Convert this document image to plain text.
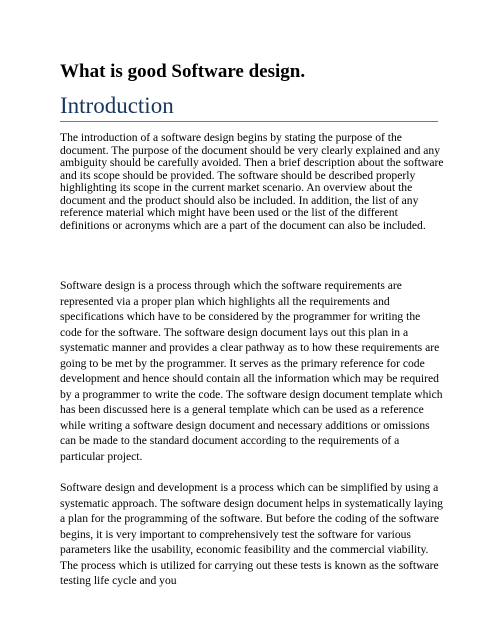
What is good Software design.
Introduction

The introduction of a software design begins by stating the purpose of the document. The purpose of the document should be very clearly explained and any ambiguity should be carefully avoided. Then a brief description about the software and its scope should be provided. The software should be described properly highlighting its scope in the current market scenario. An overview about the document and the product should also be included. In addition, the list of any reference material which might have been used or the list of the different definitions or acronyms which are a part of the document can also be included.

Software design is a process through which the software requirements are represented via a proper plan which highlights all the requirements and specifications which have to be considered by the programmer for writing the code for the software. The software design document lays out this plan in a systematic manner and provides a clear pathway as to how these requirements are going to be met by the programmer. It serves as the primary reference for code development and hence should contain all the information which may be required by a programmer to write the code. The software design document template which has been discussed here is a general template which can be used as a reference while writing a software design document and necessary additions or omissions can be made to the standard document according to the requirements of a particular project.

Software design and development is a process which can be simplified by using a systematic approach. The software design document helps in systematically laying a plan for the programming of the software. But before the coding of the software begins, it is very important to comprehensively test the software for various parameters like the usability, economic feasibility and the commercial viability. The process which is utilized for carrying out these tests is known as the software testing life cycle and you
